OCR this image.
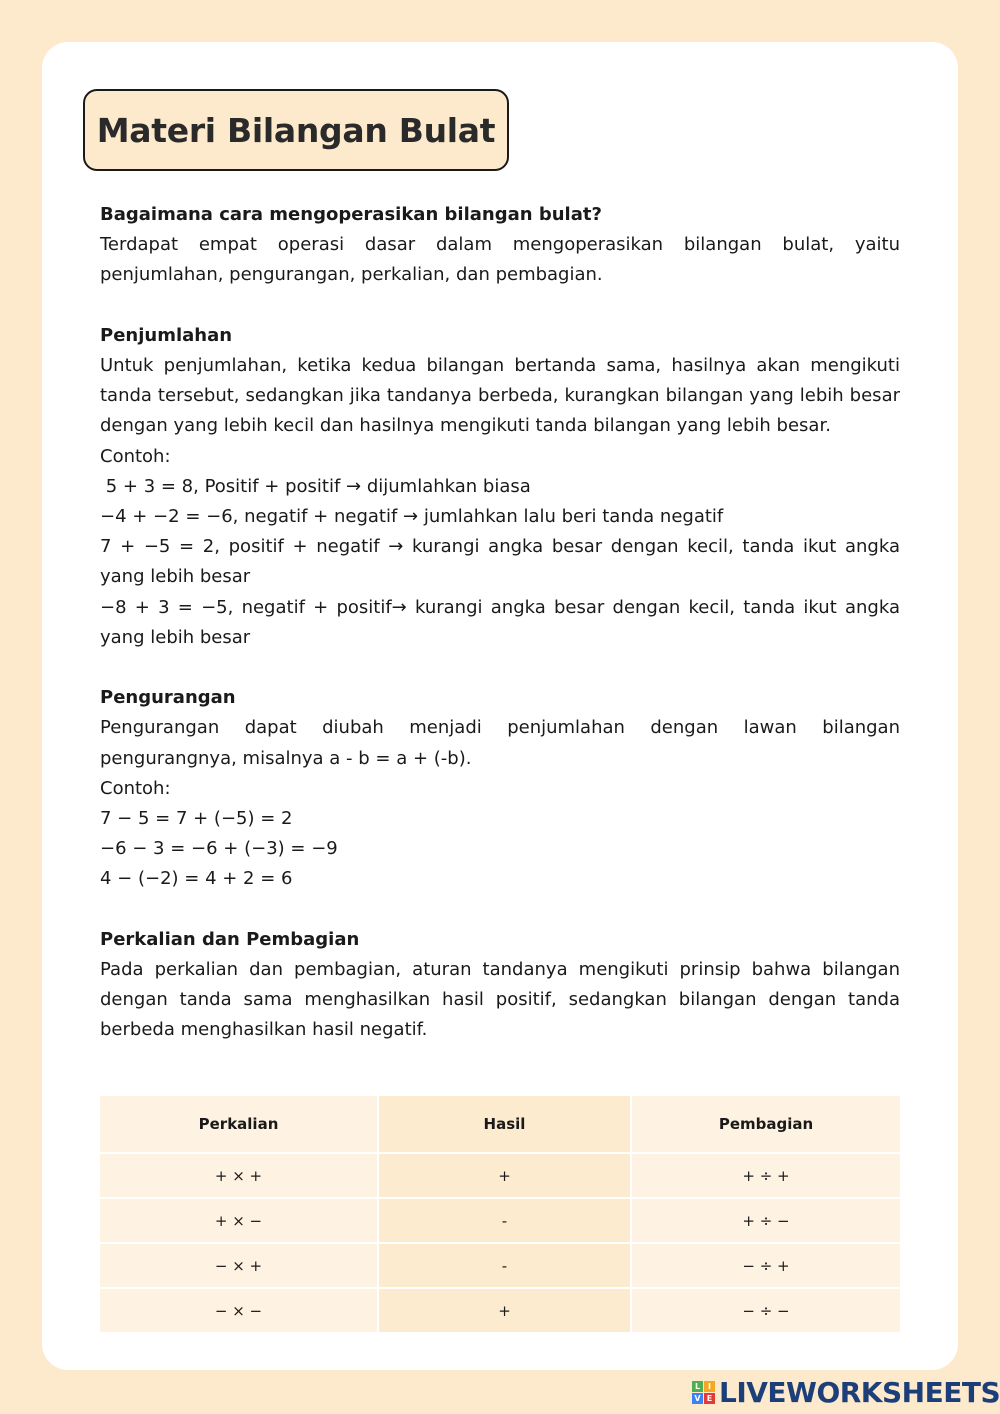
Materi Bilangan Bulat
Bagaimana cara mengoperasikan bilangan bulat?

Terdapat empat operasi dasar dalam mengoperasikan bilangan bulat, yaitu penjumlahan, pengurangan, perkalian, dan pembagian.

Penjumlahan

Untuk penjumlahan, ketika kedua bilangan bertanda sama, hasilnya akan mengikuti tanda tersebut, sedangkan jika tandanya berbeda, kurangkan bilangan yang lebih besar dengan yang lebih kecil dan hasilnya mengikuti tanda bilangan yang lebih besar.

Contoh:

5 + 3 = 8, Positif + positif → dijumlahkan biasa

−4 + −2 = −6, negatif + negatif → jumlahkan lalu beri tanda negatif

7 + −5 = 2, positif + negatif → kurangi angka besar dengan kecil, tanda ikut angka yang lebih besar

−8 + 3 = −5, negatif + positif→ kurangi angka besar dengan kecil, tanda ikut angka yang lebih besar

Pengurangan

Pengurangan dapat diubah menjadi penjumlahan dengan lawan bilangan pengurangnya, misalnya a - b = a + (-b).

Contoh:

7 − 5 = 7 + (−5) = 2

−6 − 3 = −6 + (−3) = −9

4 − (−2) = 4 + 2 = 6

Perkalian dan Pembagian

Pada perkalian dan pembagian, aturan tandanya mengikuti prinsip bahwa bilangan dengan tanda sama menghasilkan hasil positif, sedangkan bilangan dengan tanda berbeda menghasilkan hasil negatif.

Perkalian	Hasil	Pembagian
+ × +	+	+ ÷ +
+ × −	-	+ ÷ −
− × +	-	− ÷ +
− × −	+	− ÷ −
L I
V E LIVEWORKSHEETS
